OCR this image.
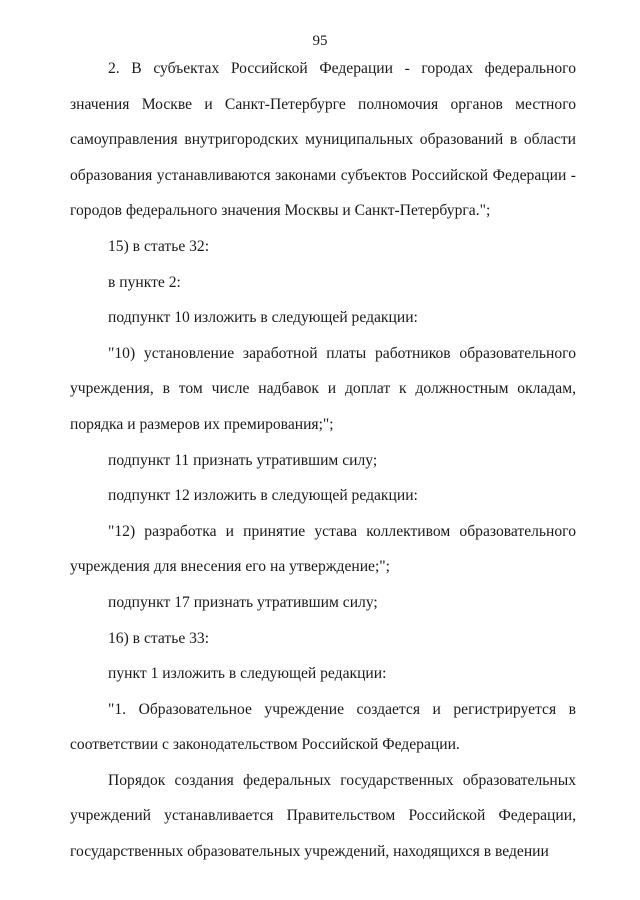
95

2. В субъектах Российской Федерации - городах федерального значения Москве и Санкт-Петербурге полномочия органов местного самоуправления внутригородских муниципальных образований в области образования устанавливаются законами субъектов Российской Федерации - городов федерального значения Москвы и Санкт-Петербурга.";

15) в статье 32:

в пункте 2:

подпункт 10 изложить в следующей редакции:

"10) установление заработной платы работников образовательного учреждения, в том числе надбавок и доплат к должностным окладам, порядка и размеров их премирования;";

подпункт 11 признать утратившим силу;

подпункт 12 изложить в следующей редакции:

"12) разработка и принятие устава коллективом образовательного учреждения для внесения его на утверждение;";

подпункт 17 признать утратившим силу;

16) в статье 33:

пункт 1 изложить в следующей редакции:

"1. Образовательное учреждение создается и регистрируется в соответствии с законодательством Российской Федерации.

Порядок создания федеральных государственных образовательных учреждений устанавливается Правительством Российской Федерации, государственных образовательных учреждений, находящихся в ведении
